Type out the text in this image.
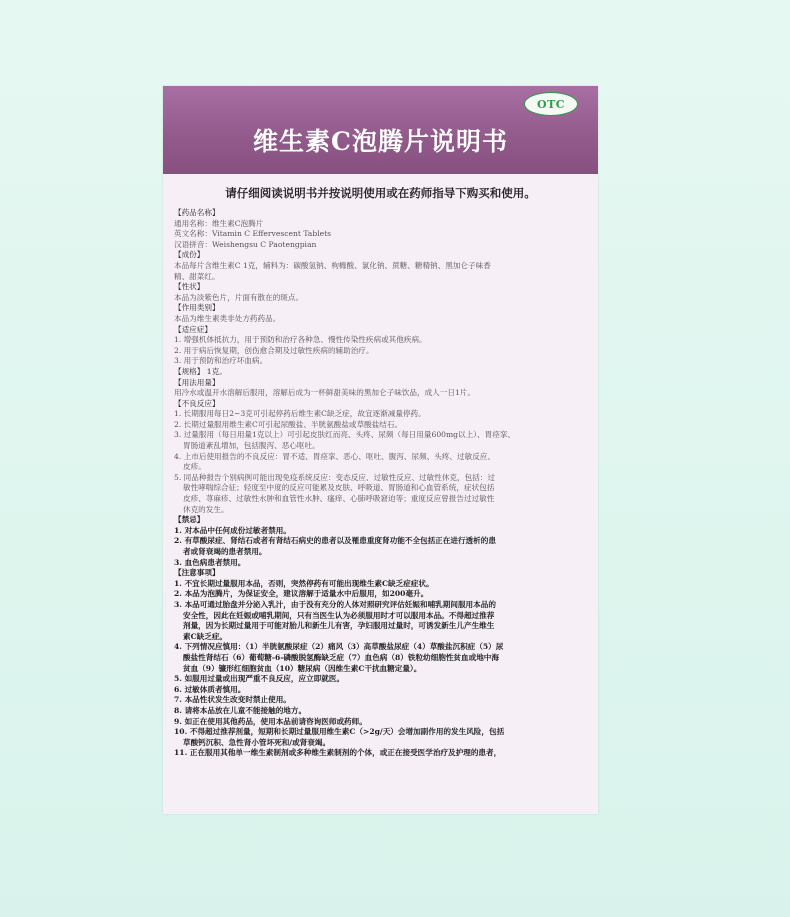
OTC
维生素C泡腾片说明书
请仔细阅读说明书并按说明使用或在药师指导下购买和使用。
【药品名称】
通用名称：维生素C泡腾片
英文名称：Vitamin C Effervescent Tablets
汉语拼音：Weishengsu C Paotengpian
【成份】
本品每片含维生素C 1克，辅料为：碳酸氢钠、枸橼酸、氯化钠、蔗糖、糖精钠、黑加仑子味香
精、甜菜红。
【性状】
本品为淡紫色片，片面有散在的斑点。
【作用类别】
本品为维生素类非处方药药品。
【适应症】
1. 增强机体抵抗力，用于预防和治疗各种急、慢性传染性疾病或其他疾病。
2. 用于病后恢复期，创伤愈合期及过敏性疾病的辅助治疗。
3. 用于预防和治疗坏血病。
【规格】 1克。
【用法用量】
用冷水或温开水溶解后服用，溶解后成为一杯鲜甜美味的黑加仑子味饮品，成人一日1片。
【不良反应】
1. 长期服用每日2~3克可引起停药后维生素C缺乏症，故宜逐渐减量停药。
2. 长期过量服用维生素C可引起尿酸盐、半胱氨酸盐或草酸盐结石。
3. 过量服用（每日用量1克以上）可引起皮肤红而亮、头疼、尿频（每日用量600mg以上）、胃痉挛、
胃肠道紊乱增加，包括腹泻、恶心呕吐。
4. 上市后使用报告的不良反应：胃不适、胃痉挛、恶心、呕吐、腹泻、尿频、头疼、过敏反应、
皮疹。
5. 同品种报告个别病例可能出现免疫系统反应：变态反应、过敏性反应、过敏性休克，包括：过
敏性哮喘综合征；轻度至中度的反应可能累及皮肤、呼吸道、胃肠道和心血管系统，症状包括
皮疹、荨麻疹、过敏性水肿和血管性水肿、瘙痒、心肺呼吸窘迫等；重度反应曾报告过过敏性
休克的发生。
【禁忌】
1. 对本品中任何成份过敏者禁用。
2. 有草酸尿症、肾结石或者有肾结石病史的患者以及罹患重度肾功能不全包括正在进行透析的患
者或肾衰竭的患者禁用。
3. 血色病患者禁用。
【注意事项】
1. 不宜长期过量服用本品，否则，突然停药有可能出现维生素C缺乏症症状。
2. 本品为泡腾片，为保证安全，建议溶解于适量水中后服用，如200毫升。
3. 本品可通过胎盘并分泌入乳汁，由于没有充分的人体对照研究评估妊娠和哺乳期间服用本品的
安全性，因此在妊娠或哺乳期间，只有当医生认为必须服用时才可以服用本品。不得超过推荐
剂量，因为长期过量用于可能对胎儿和新生儿有害，孕妇服用过量时，可诱发新生儿产生维生
素C缺乏症。
4. 下列情况应慎用：（1）半胱氨酸尿症（2）痛风（3）高草酸盐尿症（4）草酸盐沉积症（5）尿
酸盐性肾结石（6）葡萄糖-6-磷酸脱氢酶缺乏症（7）血色病（8）铁粒幼细胞性贫血或地中海
贫血（9）镰形红细胞贫血（10）糖尿病（因维生素C干扰血糖定量）。
5. 如服用过量或出现严重不良反应，应立即就医。
6. 过敏体质者慎用。
7. 本品性状发生改变时禁止使用。
8. 请将本品放在儿童不能接触的地方。
9. 如正在使用其他药品，使用本品前请咨询医师或药师。
10. 不得超过推荐剂量，短期和长期过量服用维生素C（>2g/天）会增加副作用的发生风险，包括
草酸钙沉积、急性肾小管坏死和/或肾衰竭。
11. 正在服用其他单一维生素制剂或多种维生素制剂的个体，或正在接受医学治疗及护理的患者，
